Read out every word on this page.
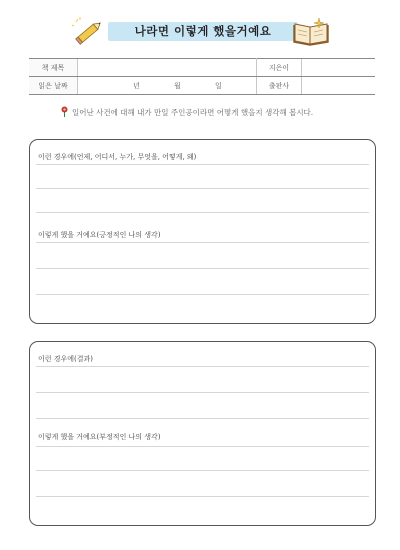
나라면 이렇게 했을거예요
책 제목		지은이	
읽은 날짜	년 월 일	출판사	
일어난 사건에 대해 내가 만일 주인공이라면 어떻게 했을지 생각해 봅시다.
이런 경우에(언제, 어디서, 누가, 무엇을, 어떻게, 왜)
이렇게 했을 거예요(긍정적인 나의 생각)
이런 경우에(결과)
이렇게 했을 거예요(부정적인 나의 생각)
